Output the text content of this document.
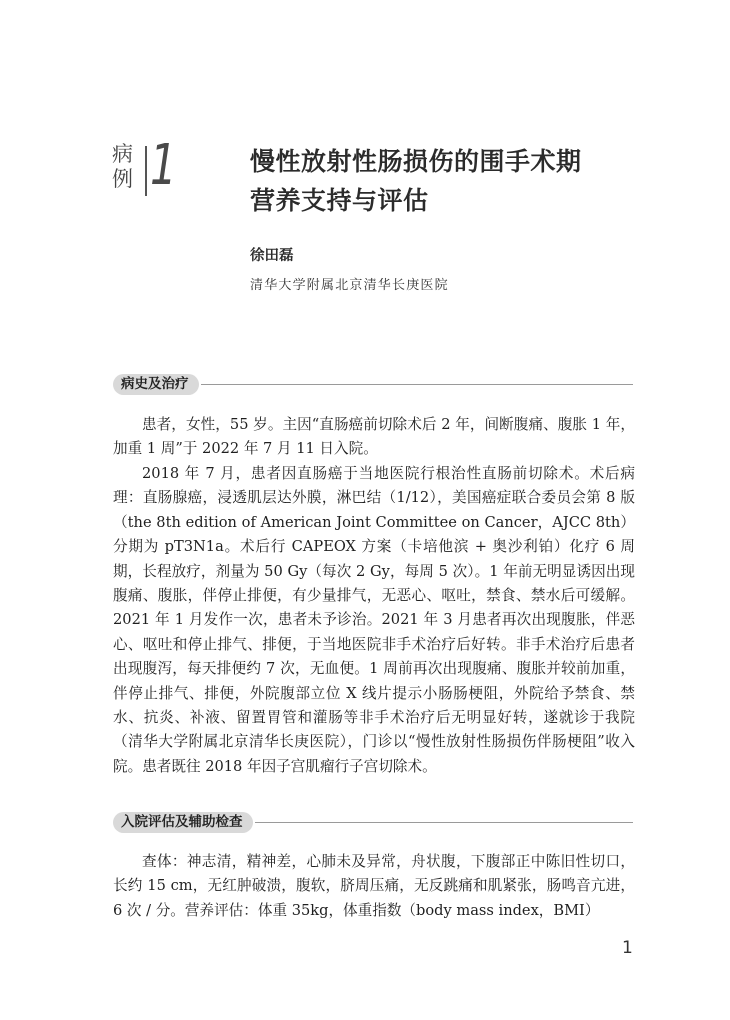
病
例 1	慢性放射性肠损伤的围手术期
营养支持与评估
徐田磊
清华大学附属北京清华长庚医院
病史及治疗

患者，女性，55 岁。主因“直肠癌前切除术后 2 年，间断腹痛、腹胀 1 年，加重 1 周”于 2022 年 7 月 11 日入院。

2018 年 7 月，患者因直肠癌于当地医院行根治性直肠前切除术。术后病理：直肠腺癌，浸透肌层达外膜，淋巴结（1/12），美国癌症联合委员会第 8 版（the 8th edition of American Joint Committee on Cancer，AJCC 8th）分期为 pT3N1a。术后行 CAPEOX 方案（卡培他滨 + 奥沙利铂）化疗 6 周期，长程放疗，剂量为 50 Gy（每次 2 Gy，每周 5 次）。1 年前无明显诱因出现腹痛、腹胀，伴停止排便，有少量排气，无恶心、呕吐，禁食、禁水后可缓解。2021 年 1 月发作一次，患者未予诊治。2021 年 3 月患者再次出现腹胀，伴恶心、呕吐和停止排气、排便，于当地医院非手术治疗后好转。非手术治疗后患者出现腹泻，每天排便约 7 次，无血便。1 周前再次出现腹痛、腹胀并较前加重，伴停止排气、排便，外院腹部立位 X 线片提示小肠肠梗阻，外院给予禁食、禁水、抗炎、补液、留置胃管和灌肠等非手术治疗后无明显好转，遂就诊于我院（清华大学附属北京清华长庚医院），门诊以“慢性放射性肠损伤伴肠梗阻”收入院。患者既往 2018 年因子宫肌瘤行子宫切除术。

入院评估及辅助检查

查体：神志清，精神差，心肺未及异常，舟状腹，下腹部正中陈旧性切口，长约 15 cm，无红肿破溃，腹软，脐周压痛，无反跳痛和肌紧张，肠鸣音亢进，6 次 / 分。营养评估：体重 35kg，体重指数（body mass index，BMI）

1
